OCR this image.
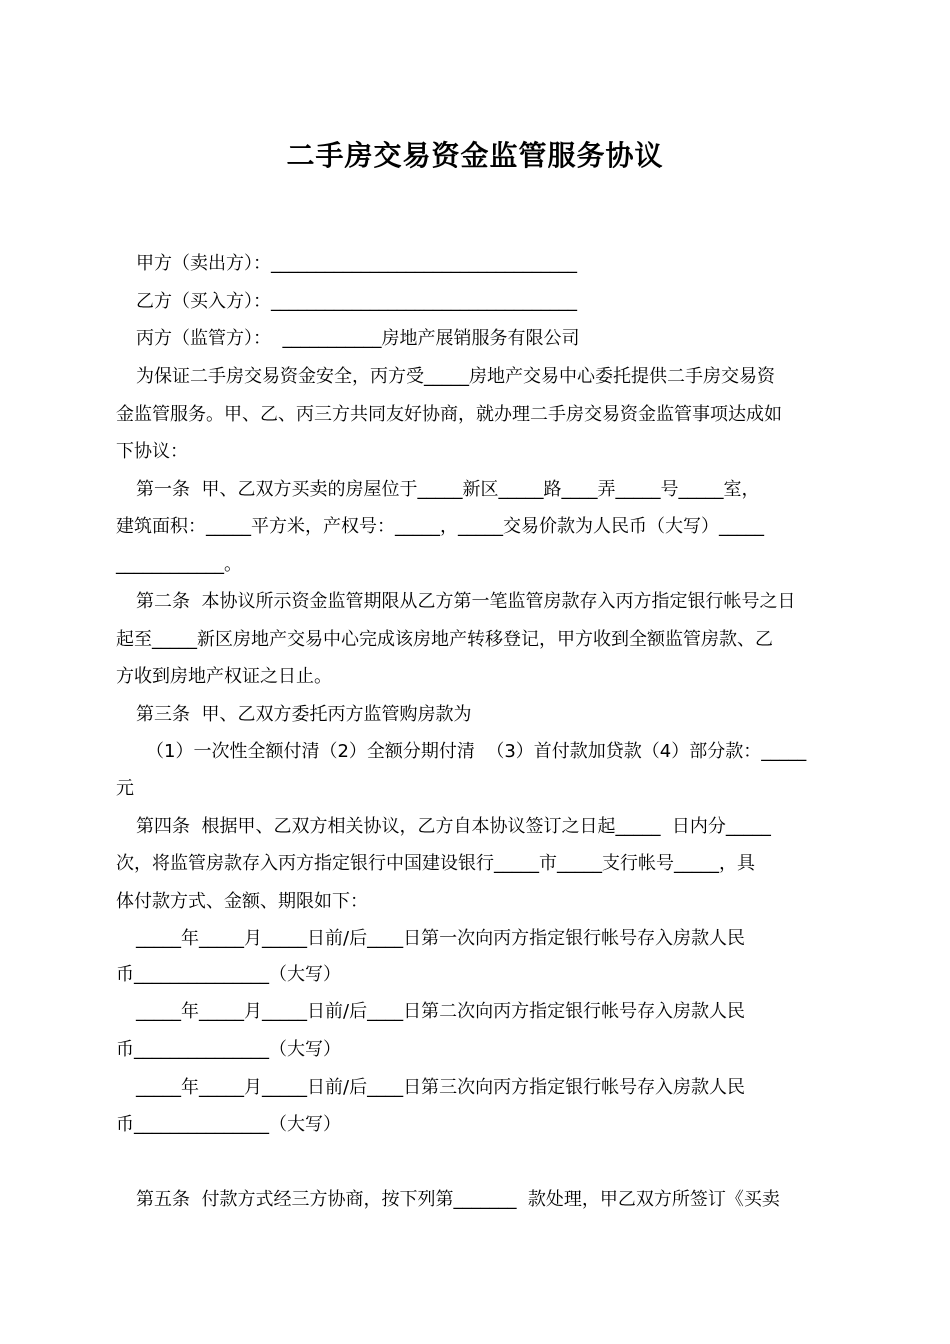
二手房交易资金监管服务协议
甲方（卖出方）：__________________________________
乙方（买入方）：__________________________________
丙方（监管方）：  ___________房地产展销服务有限公司
为保证二手房交易资金安全，丙方受_____房地产交易中心委托提供二手房交易资
金监管服务。甲、乙、丙三方共同友好协商，就办理二手房交易资金监管事项达成如
下协议：
第一条  甲、乙双方买卖的房屋位于_____新区_____路____弄_____号_____室，
建筑面积：_____平方米，产权号：_____，_____交易价款为人民币（大写）_____
____________。
第二条  本协议所示资金监管期限从乙方第一笔监管房款存入丙方指定银行帐号之日
起至_____新区房地产交易中心完成该房地产转移登记，甲方收到全额监管房款、乙
方收到房地产权证之日止。
第三条  甲、乙双方委托丙方监管购房款为
（1）一次性全额付清（2）全额分期付清  （3）首付款加贷款（4）部分款：_____
元
第四条  根据甲、乙双方相关协议，乙方自本协议签订之日起_____  日内分_____
次，将监管房款存入丙方指定银行中国建设银行_____市_____支行帐号_____，具
体付款方式、金额、期限如下：
_____年_____月_____日前/后____日第一次向丙方指定银行帐号存入房款人民
币_______________（大写）
_____年_____月_____日前/后____日第二次向丙方指定银行帐号存入房款人民
币_______________（大写）
_____年_____月_____日前/后____日第三次向丙方指定银行帐号存入房款人民
币_______________（大写）
第五条  付款方式经三方协商，按下列第_______  款处理，甲乙双方所签订《买卖
